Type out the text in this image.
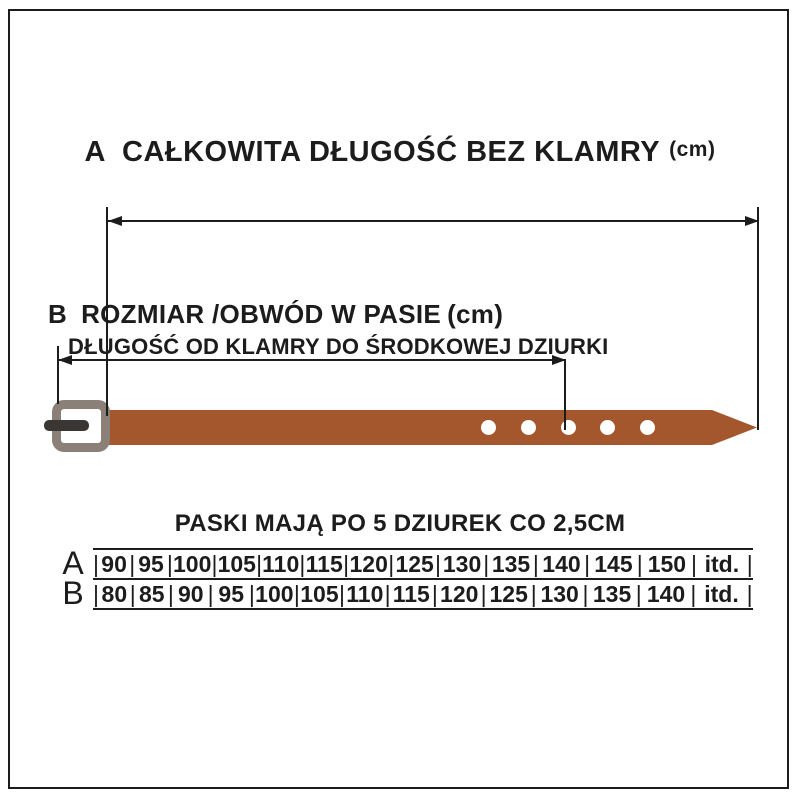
A CAŁKOWITA DŁUGOŚĆ BEZ KLAMRY (cm)
B ROZMIAR /OBWÓD W PASIE (cm)
DŁUGOŚĆ OD KLAMRY DO ŚRODKOWEJ DZIURKI
PASKI MAJĄ PO 5 DZIUREK CO 2,5CM
A
B
| 90 | 95 | 100 | 105 | 110 | 115 | 120 | 125 | 130 | 135 | 140 | 145 | 150 | itd. |
| 80 | 85 | 90 | 95 | 100 | 105 | 110 | 115 | 120 | 125 | 130 | 135 | 140 | itd. |
